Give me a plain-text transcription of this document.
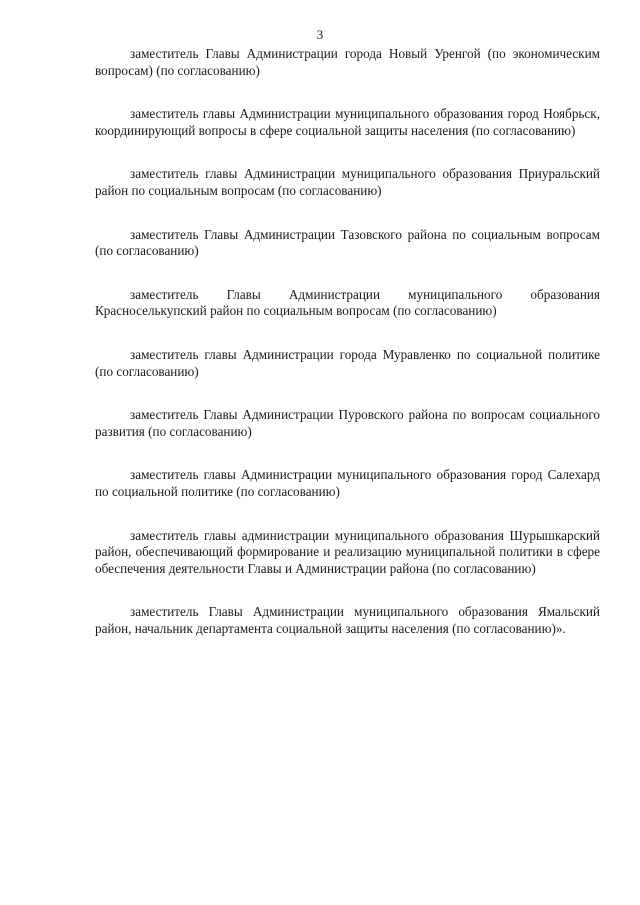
3

заместитель Главы Администрации города Новый Уренгой (по экономическим вопросам) (по согласованию)

заместитель главы Администрации муниципального образования город Ноябрьск, координирующий вопросы в сфере социальной защиты населения (по согласованию)

заместитель главы Администрации муниципального образования Приуральский район по социальным вопросам (по согласованию)

заместитель Главы Администрации Тазовского района по социальным вопросам (по согласованию)

заместитель Главы Администрации муниципального образования Красноселькупский район по социальным вопросам (по согласованию)

заместитель главы Администрации города Муравленко по социальной политике (по согласованию)

заместитель Главы Администрации Пуровского района по вопросам социального развития (по согласованию)

заместитель главы Администрации муниципального образования город Салехард по социальной политике (по согласованию)

заместитель главы администрации муниципального образования Шурышкарский район, обеспечивающий формирование и реализацию муниципальной политики в сфере обеспечения деятельности Главы и Администрации района (по согласованию)

заместитель Главы Администрации муниципального образования Ямальский район, начальник департамента социальной защиты населения (по согласованию)».
